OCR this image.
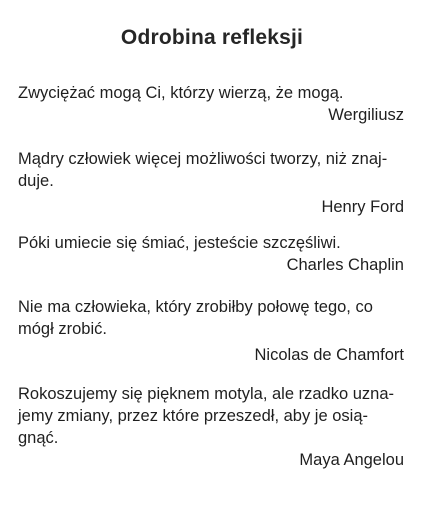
Odrobina refleksji
Zwyciężać mogą Ci, którzy wierzą, że mogą.
Wergiliusz
Mądry człowiek więcej możliwości tworzy, niż znaj-
duje.
Henry Ford
Póki umiecie się śmiać, jesteście szczęśliwi.
Charles Chaplin
Nie ma człowieka, który zrobiłby połowę tego, co
mógł zrobić.
Nicolas de Chamfort
Rokoszujemy się pięknem motyla, ale rzadko uzna-
jemy zmiany, przez które przeszedł, aby je osią-
gnąć.
Maya Angelou
